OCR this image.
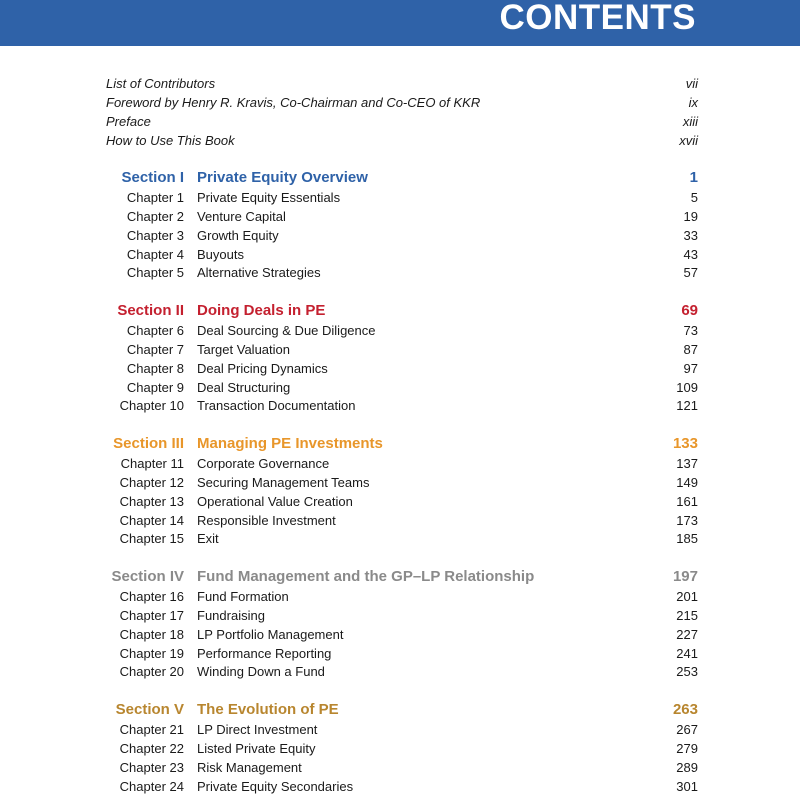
CONTENTS
List of Contributors	vii
Foreword by Henry R. Kravis, Co-Chairman and Co-CEO of KKR	ix
Preface	xiii
How to Use This Book	xvii
Section I Private Equity Overview	1
Chapter 1 Private Equity Essentials	5
Chapter 2 Venture Capital	19
Chapter 3 Growth Equity	33
Chapter 4 Buyouts	43
Chapter 5 Alternative Strategies	57
Section II Doing Deals in PE	69
Chapter 6 Deal Sourcing & Due Diligence	73
Chapter 7 Target Valuation	87
Chapter 8 Deal Pricing Dynamics	97
Chapter 9 Deal Structuring	109
Chapter 10 Transaction Documentation	121
Section III Managing PE Investments	133
Chapter 11 Corporate Governance	137
Chapter 12 Securing Management Teams	149
Chapter 13 Operational Value Creation	161
Chapter 14 Responsible Investment	173
Chapter 15 Exit	185
Section IV Fund Management and the GP–LP Relationship	197
Chapter 16 Fund Formation	201
Chapter 17 Fundraising	215
Chapter 18 LP Portfolio Management	227
Chapter 19 Performance Reporting	241
Chapter 20 Winding Down a Fund	253
Section V The Evolution of PE	263
Chapter 21 LP Direct Investment	267
Chapter 22 Listed Private Equity	279
Chapter 23 Risk Management	289
Chapter 24 Private Equity Secondaries	301
